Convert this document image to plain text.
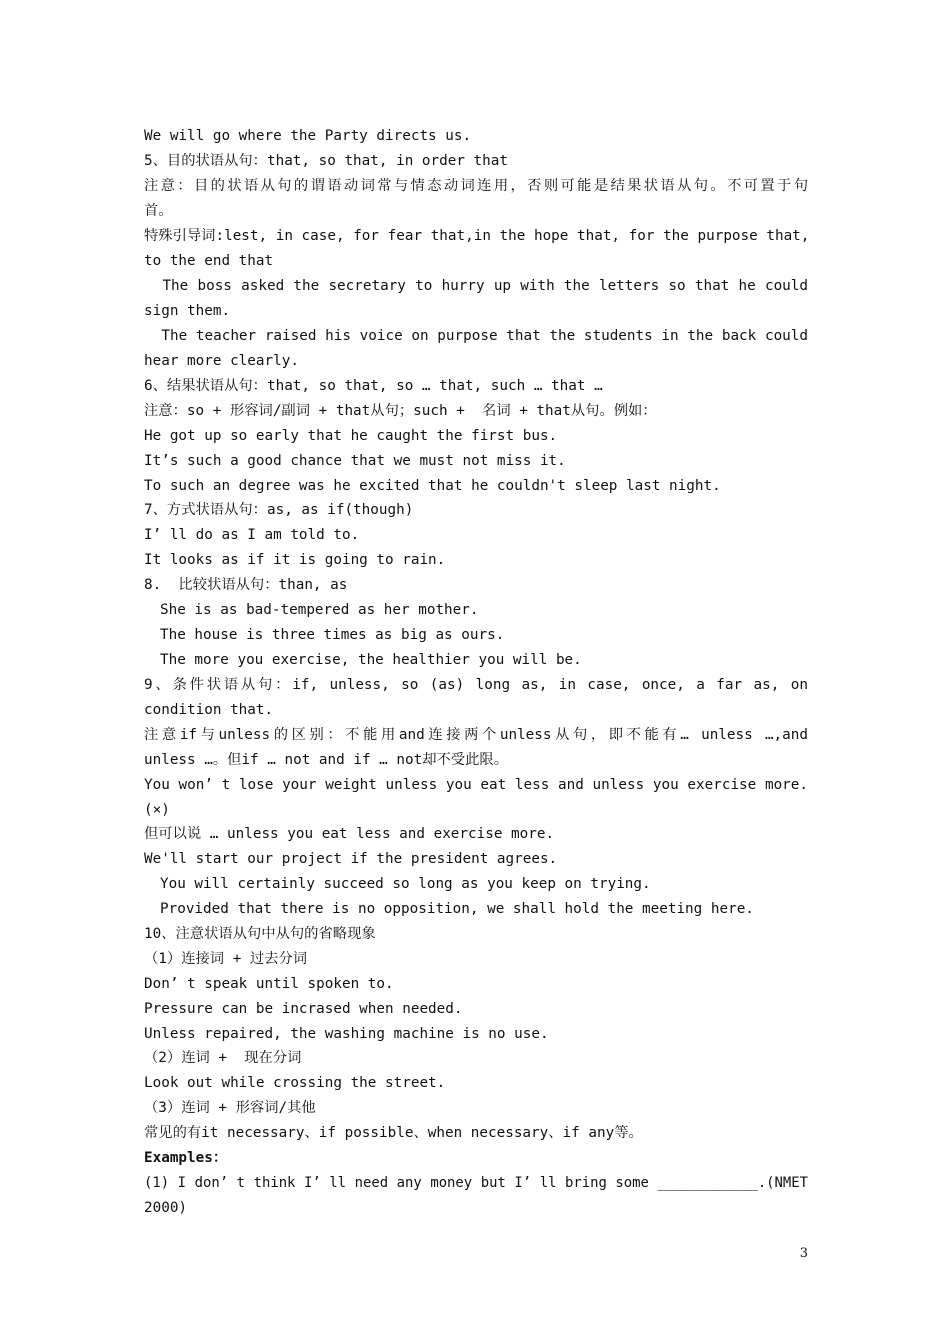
We will go where the Party directs us.
5、目的状语从句：that, so that, in order that
注意：目的状语从句的谓语动词常与情态动词连用，否则可能是结果状语从句。不可置于句
首。
特殊引导词:lest, in case, for fear that,in the hope that, for the purpose that,
to the end that
The boss asked the secretary to hurry up with the letters so that he could
sign them.
The teacher raised his voice on purpose that the students in the back could
hear more clearly.
6、结果状语从句：that, so that, so … that, such … that …
注意：so + 形容词/副词 + that从句；such +  名词 + that从句。例如：
He got up so early that he caught the first bus.
It’s such a good chance that we must not miss it.
To such an degree was he excited that he couldn't sleep last night.
7、方式状语从句：as, as if(though)
I’ ll do as I am told to.
It looks as if it is going to rain.
8.  比较状语从句：than, as
She is as bad-tempered as her mother.
The house is three times as big as ours.
The more you exercise, the healthier you will be.
9、条件状语从句：if, unless, so (as) long as, in case, once, a far as, on
condition that.
注意if与unless的区别：不能用and连接两个unless从句，即不能有… unless …,and
unless …。但if … not and if … not却不受此限。
You won’ t lose your weight unless you eat less and unless you exercise more.
(×)
但可以说 … unless you eat less and exercise more.
We'll start our project if the president agrees.
You will certainly succeed so long as you keep on trying.
Provided that there is no opposition, we shall hold the meeting here.
10、注意状语从句中从句的省略现象
（1）连接词 + 过去分词
Don’ t speak until spoken to.
Pressure can be incrased when needed.
Unless repaired, the washing machine is no use.
（2）连词 +  现在分词
Look out while crossing the street.
（3）连词 + 形容词/其他
常见的有it necessary、if possible、when necessary、if any等。
Examples：
(1) I don’ t think I’ ll need any money but I’ ll bring some ____________.(NMET
2000)
3
